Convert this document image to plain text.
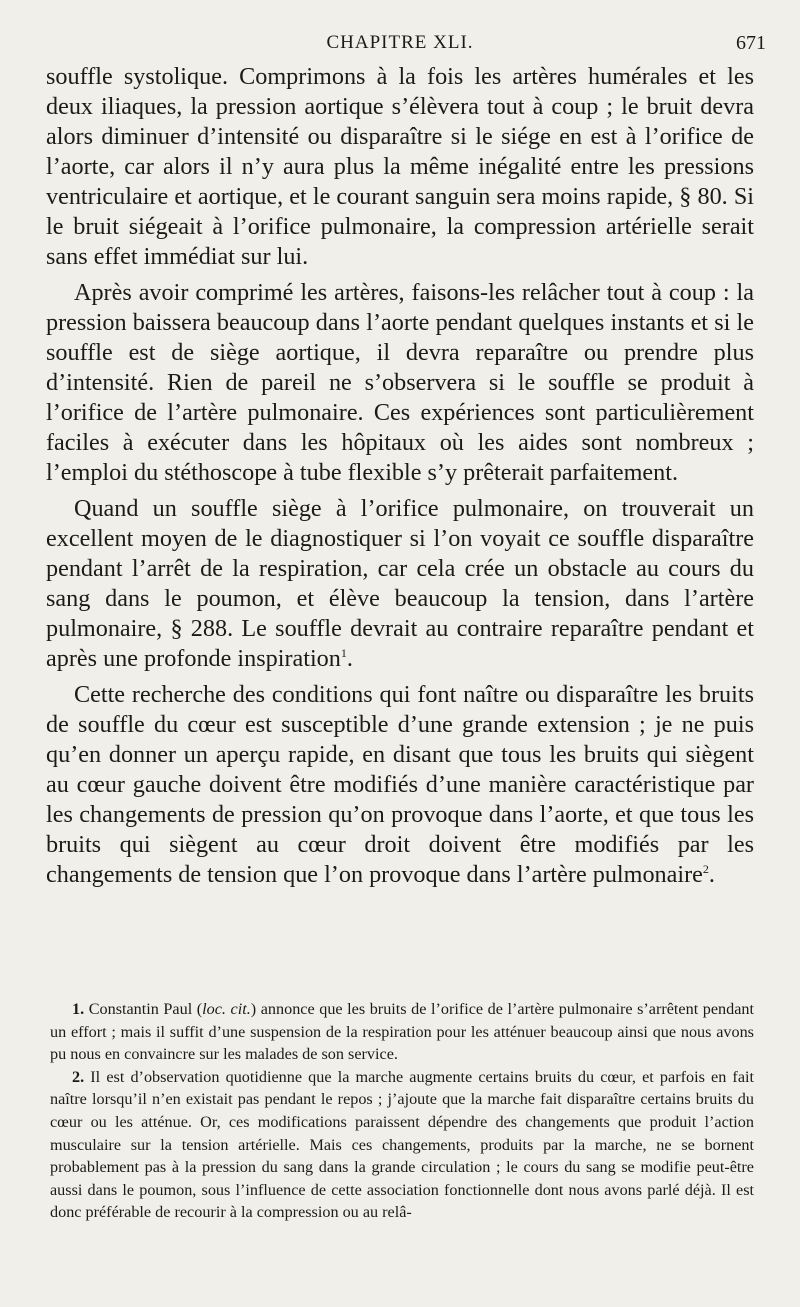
CHAPITRE XLI.	671

souffle systolique. Comprimons à la fois les artères humérales et les deux iliaques, la pression aortique s’élèvera tout à coup ; le bruit devra alors diminuer d’intensité ou disparaître si le siége en est à l’orifice de l’aorte, car alors il n’y aura plus la même inégalité entre les pressions ventriculaire et aortique, et le courant sanguin sera moins rapide, § 80. Si le bruit siégeait à l’orifice pulmonaire, la compression artérielle serait sans effet immédiat sur lui.

Après avoir comprimé les artères, faisons-les relâcher tout à coup : la pression baissera beaucoup dans l’aorte pendant quelques instants et si le souffle est de siège aortique, il devra reparaître ou prendre plus d’intensité. Rien de pareil ne s’observera si le souffle se produit à l’orifice de l’artère pulmonaire. Ces expériences sont particulièrement faciles à exécuter dans les hôpitaux où les aides sont nombreux ; l’emploi du stéthoscope à tube flexible s’y prêterait parfaitement.

Quand un souffle siège à l’orifice pulmonaire, on trouverait un excellent moyen de le diagnostiquer si l’on voyait ce souffle disparaître pendant l’arrêt de la respiration, car cela crée un obstacle au cours du sang dans le poumon, et élève beaucoup la tension, dans l’artère pulmonaire, § 288. Le souffle devrait au contraire reparaître pendant et après une profonde inspiration$^1$.

Cette recherche des conditions qui font naître ou disparaître les bruits de souffle du cœur est susceptible d’une grande extension ; je ne puis qu’en donner un aperçu rapide, en disant que tous les bruits qui siègent au cœur gauche doivent être modifiés d’une manière caractéristique par les changements de pression qu’on provoque dans l’aorte, et que tous les bruits qui siègent au cœur droit doivent être modifiés par les changements de tension que l’on provoque dans l’artère pulmonaire$^2$.

1. Constantin Paul (loc. cit.) annonce que les bruits de l’orifice de l’artère pulmonaire s’arrêtent pendant un effort ; mais il suffit d’une suspension de la respiration pour les atténuer beaucoup ainsi que nous avons pu nous en convaincre sur les malades de son service.

2. Il est d’observation quotidienne que la marche augmente certains bruits du cœur, et parfois en fait naître lorsqu’il n’en existait pas pendant le repos ; j’ajoute que la marche fait disparaître certains bruits du cœur ou les atténue. Or, ces modifications paraissent dépendre des changements que produit l’action musculaire sur la tension artérielle. Mais ces changements, produits par la marche, ne se bornent probablement pas à la pression du sang dans la grande circulation ; le cours du sang se modifie peut-être aussi dans le poumon, sous l’influence de cette association fonctionnelle dont nous avons parlé déjà. Il est donc préférable de recourir à la compression ou au relâ-
